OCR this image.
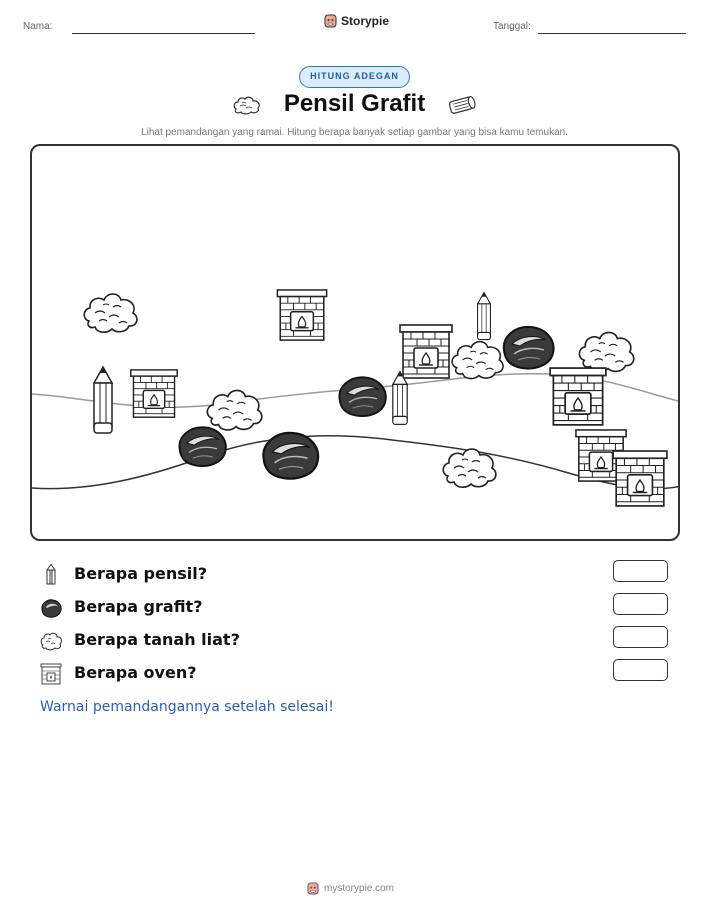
Nama:	Storypie	Tanggal:
HITUNG ADEGAN
Pensil Grafit
Lihat pemandangan yang ramai. Hitung berapa banyak setiap gambar yang bisa kamu temukan.
Berapa pensil?
Berapa grafit?
Berapa tanah liat?
Berapa oven?
Warnai pemandangannya setelah selesai!
mystorypie.com
